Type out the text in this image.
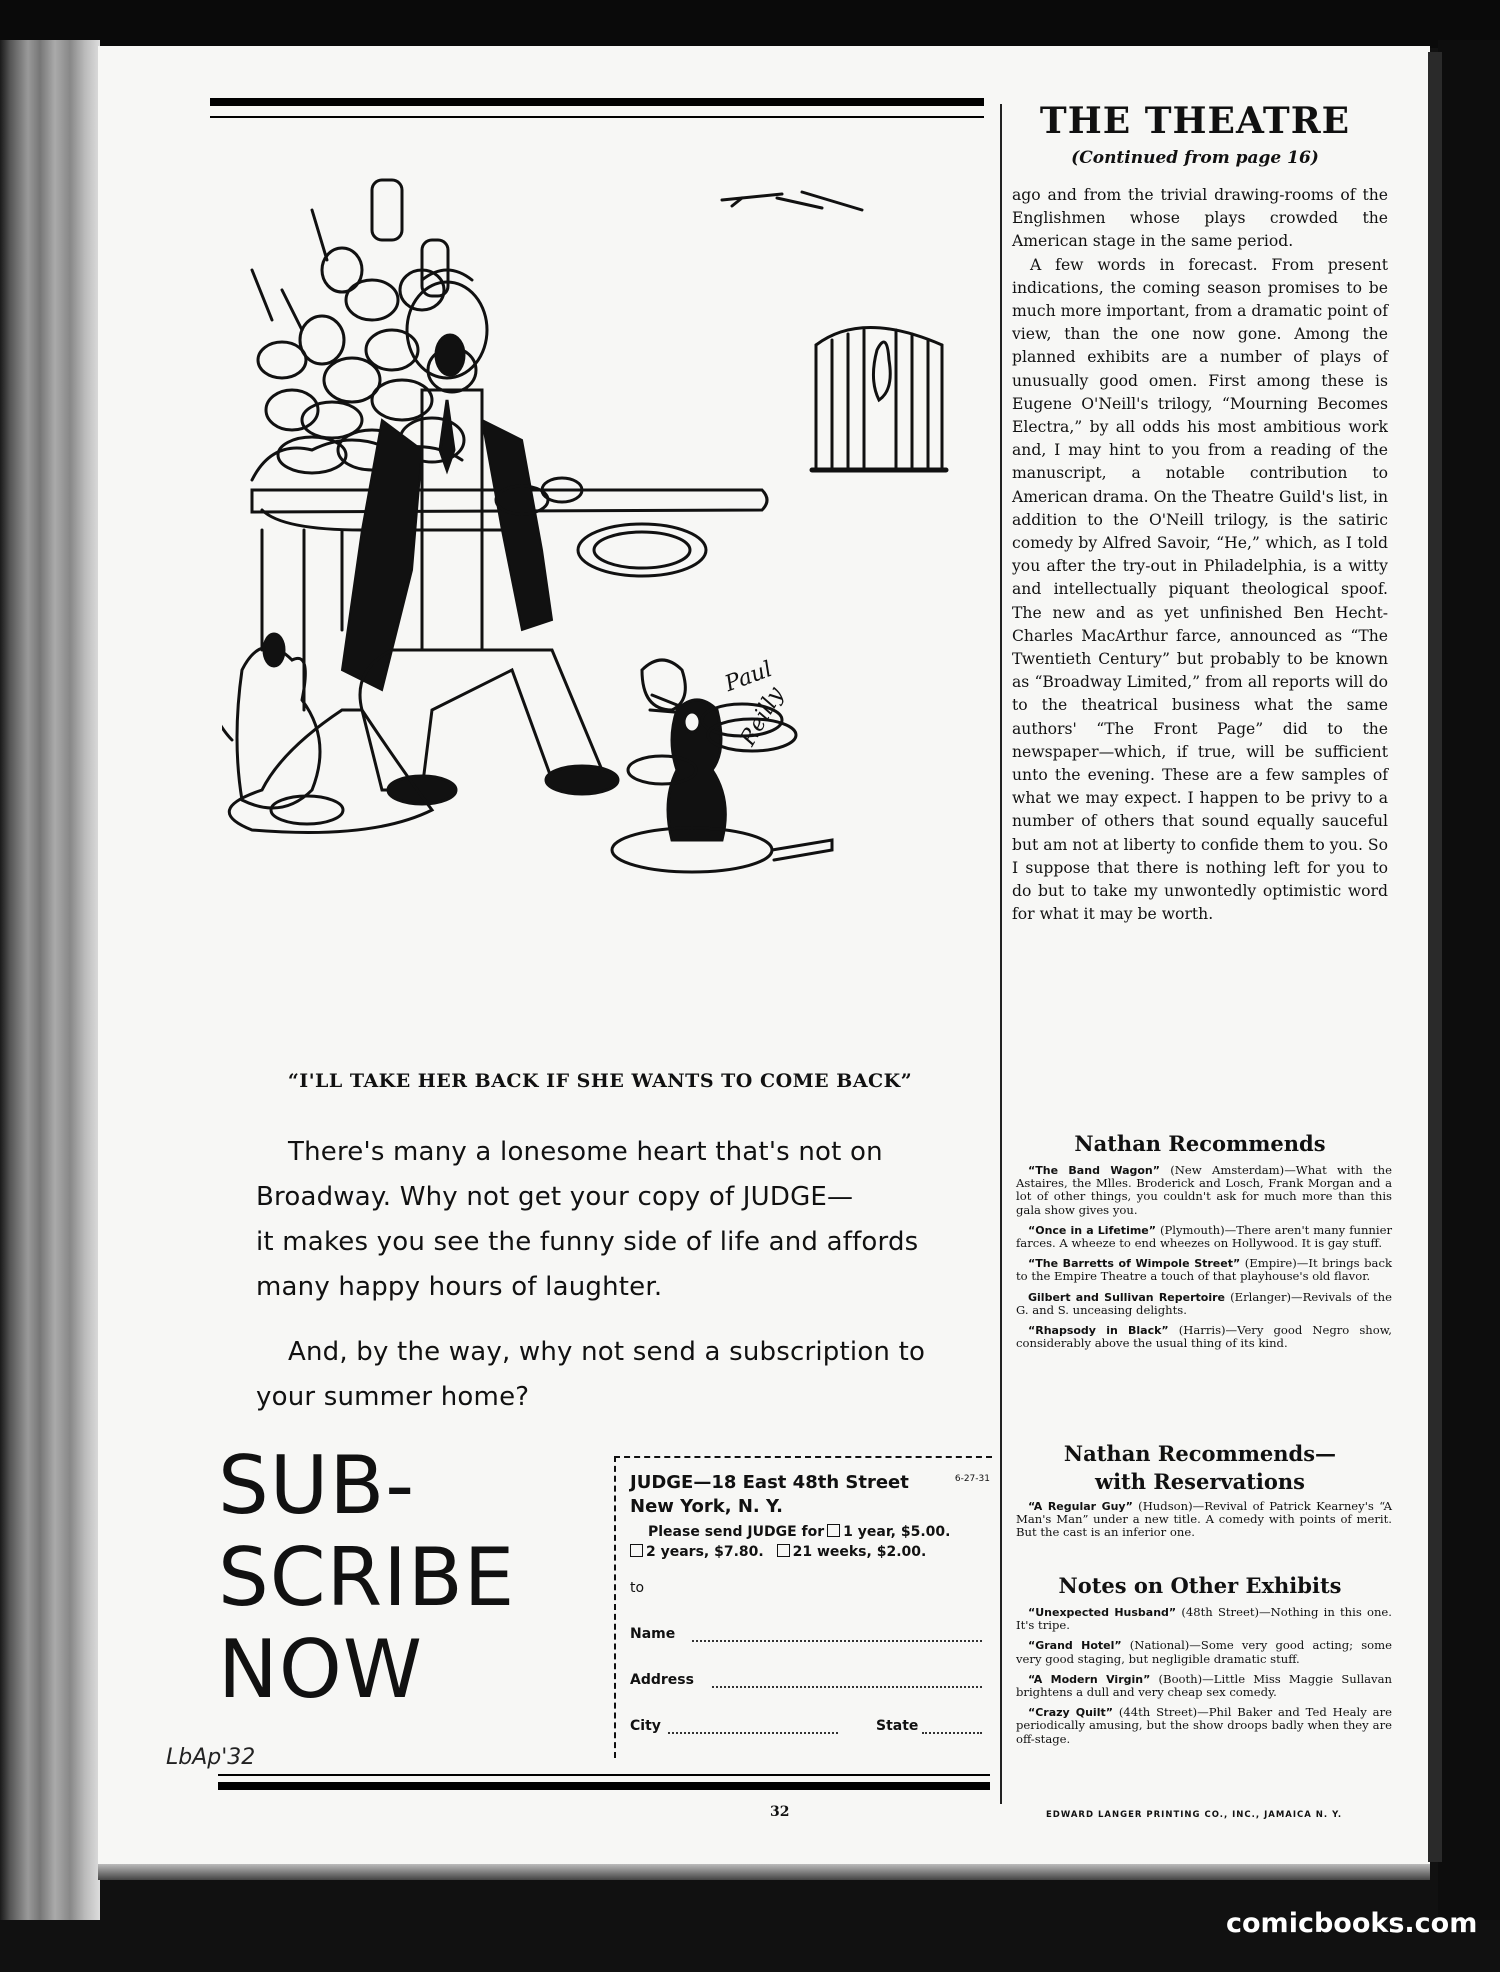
Paul
Reilly
“I'LL TAKE HER BACK IF SHE WANTS TO COME BACK”
There's many a lonesome heart that's not on
Broadway. Why not get your copy of JUDGE—
it makes you see the funny side of life and affords
many happy hours of laughter.
And, by the way, why not send a subscription to
your summer home?
SUB-
SCRIBE
NOW
JUDGE—18 East 48th Street	6-27-31
New York, N. Y.
Please send JUDGE for 1 year, $5.00.
2 years, $7.80. 21 weeks, $2.00.
to
Name
Address
City	State
LbAp'32
32
THE THEATRE
(Continued from page 16)

ago and from the trivial drawing-rooms of the Englishmen whose plays crowded the American stage in the same period.

A few words in forecast. From present indications, the coming season promises to be much more important, from a dramatic point of view, than the one now gone. Among the planned exhibits are a number of plays of unusually good omen. First among these is Eugene O'Neill's trilogy, “Mourning Becomes Electra,” by all odds his most ambitious work and, I may hint to you from a reading of the manuscript, a notable contribution to American drama. On the Theatre Guild's list, in addition to the O'Neill trilogy, is the satiric comedy by Alfred Savoir, “He,” which, as I told you after the try-out in Philadelphia, is a witty and intellectually piquant theological spoof. The new and as yet unfinished Ben Hecht-Charles MacArthur farce, announced as “The Twentieth Century” but probably to be known as “Broadway Limited,” from all reports will do to the theatrical business what the same authors' “The Front Page” did to the newspaper—which, if true, will be sufficient unto the evening. These are a few samples of what we may expect. I happen to be privy to a number of others that sound equally sauceful but am not at liberty to confide them to you. So I suppose that there is nothing left for you to do but to take my unwontedly optimistic word for what it may be worth.

Nathan Recommends
“The Band Wagon” (New Amsterdam)—What with the Astaires, the Mlles. Broderick and Losch, Frank Morgan and a lot of other things, you couldn't ask for much more than this gala show gives you.
“Once in a Lifetime” (Plymouth)—There aren't many funnier farces. A wheeze to end wheezes on Hollywood. It is gay stuff.
“The Barretts of Wimpole Street” (Empire)—It brings back to the Empire Theatre a touch of that playhouse's old flavor.
Gilbert and Sullivan Repertoire (Erlanger)—Revivals of the G. and S. unceasing delights.
“Rhapsody in Black” (Harris)—Very good Negro show, considerably above the usual thing of its kind.
Nathan Recommends— with Reservations
“A Regular Guy” (Hudson)—Revival of Patrick Kearney's “A Man's Man” under a new title. A comedy with points of merit. But the cast is an inferior one.
Notes on Other Exhibits
“Unexpected Husband” (48th Street)—Nothing in this one. It's tripe.
“Grand Hotel” (National)—Some very good acting; some very good staging, but negligible dramatic stuff.
“A Modern Virgin” (Booth)—Little Miss Maggie Sullavan brightens a dull and very cheap sex comedy.
“Crazy Quilt” (44th Street)—Phil Baker and Ted Healy are periodically amusing, but the show droops badly when they are off-stage.
EDWARD LANGER PRINTING CO., INC., JAMAICA N. Y.
comicbooks.com
